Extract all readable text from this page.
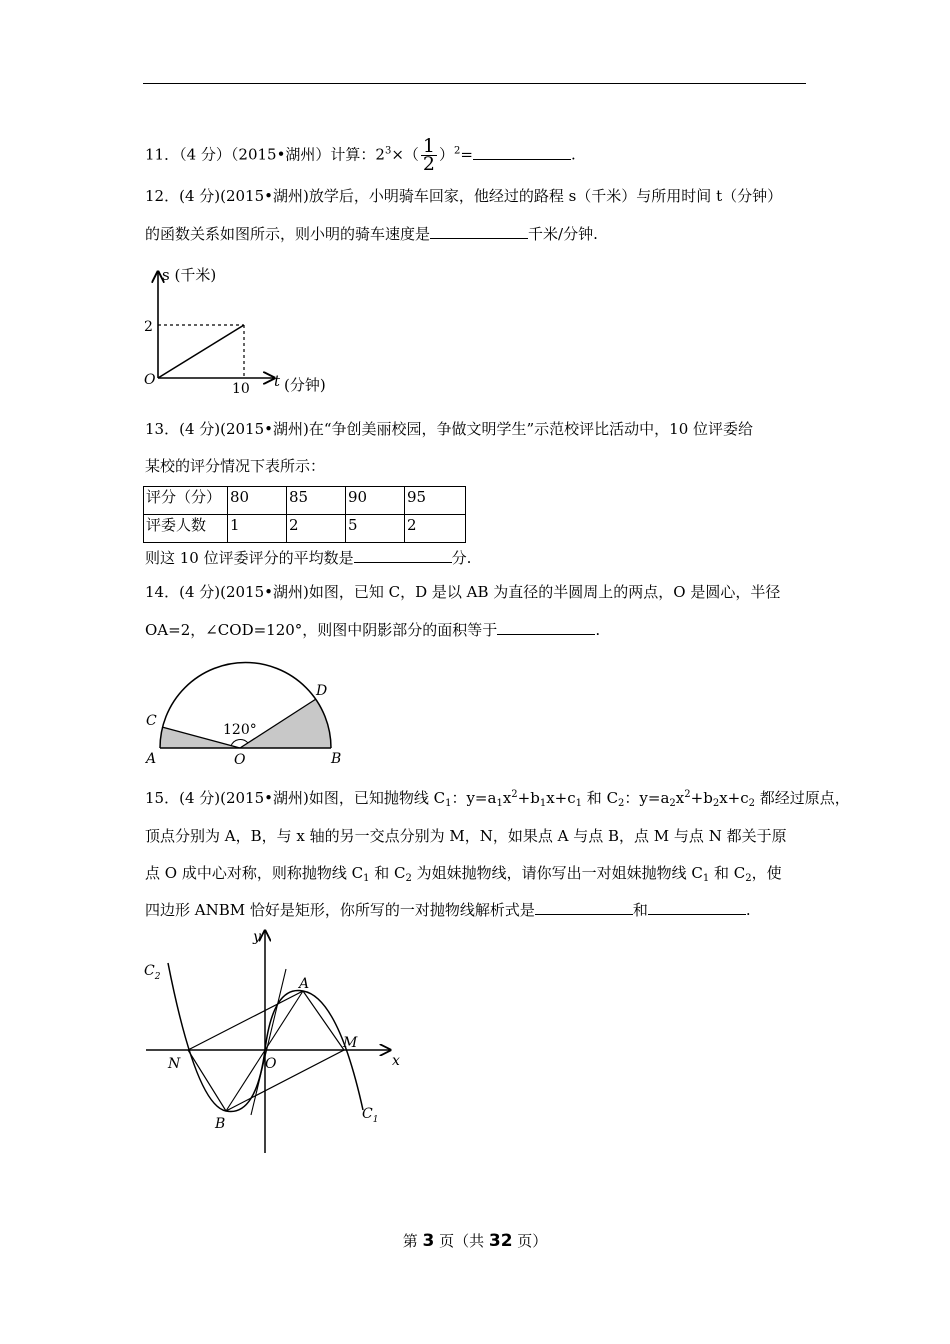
11．（4 分）（2015•湖州）计算：$2^3\times( \frac{1}{2} )^2=$	.
12．(4 分)(2015•湖州)放学后，小明骑车回家，他经过的路程 s（千米）与所用时间 t（分钟）
的函数关系如图所示，则小明的骑车速度是	千米/分钟.
s (千米)
2
10
O	t (分钟)
13．(4 分)(2015•湖州)在“争创美丽校园，争做文明学生”示范校评比活动中，10 位评委给
某校的评分情况下表所示：
评分（分）	80	85	90	95
评委人数	1	2	5	2
则这 10 位评委评分的平均数是	分.
14．(4 分)(2015•湖州)如图，已知 C，D 是以 AB 为直径的半圆周上的两点，O 是圆心，半径
OA=2，∠COD=120°，则图中阴影部分的面积等于	.
A	B
C
D
O
120°
15．(4 分)(2015•湖州)如图，已知抛物线 $C_1$：$y=a_1x^2+b_1x+c_1$ 和 $C_2$：$y=a_2x^2+b_2x+c_2$ 都经过原点，
顶点分别为 A，B，与 x 轴的另一交点分别为 M，N，如果点 A 与点 B，点 M 与点 N 都关于原
点 O 成中心对称，则称抛物线 $C_1$ 和 $C_2$ 为姐妹抛物线，请你写出一对姐妹抛物线 $C_1$ 和 $C_2$，使
四边形 ANBM 恰好是矩形，你所写的一对抛物线解析式是	和	.
$C_2$
$C_1$
y
x
A
B
N
M
O
第 3 页（共 32 页）
